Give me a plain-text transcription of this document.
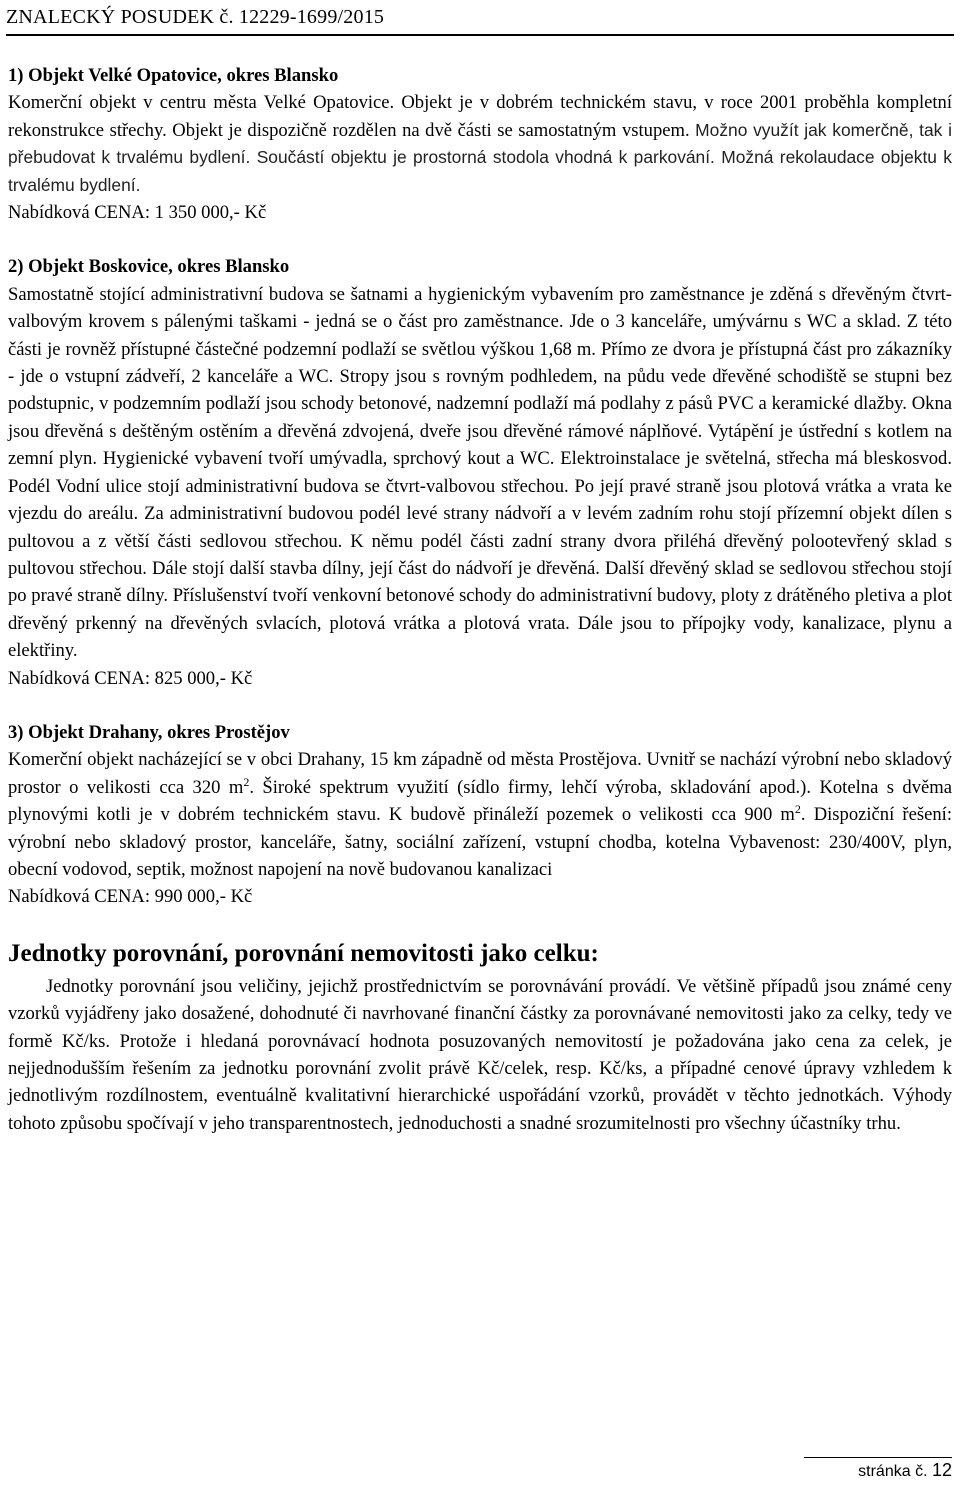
ZNALECKÝ POSUDEK č. 12229-1699/2015

1) Objekt Velké Opatovice, okres Blansko

Komerční objekt v centru města Velké Opatovice. Objekt je v dobrém technickém stavu, v roce 2001 proběhla kompletní rekonstrukce střechy. Objekt je dispozičně rozdělen na dvě části se samostatným vstupem. Možno využít jak komerčně, tak i přebudovat k trvalému bydlení. Součástí objektu je prostorná stodola vhodná k parkování. Možná rekolaudace objektu k trvalému bydlení.

Nabídková CENA: 1 350 000,- Kč

2) Objekt Boskovice, okres Blansko

Samostatně stojící administrativní budova se šatnami a hygienickým vybavením pro zaměstnance je zděná s dřevěným čtvrt-valbovým krovem s pálenými taškami - jedná se o část pro zaměstnance. Jde o 3 kanceláře, umývárnu s WC a sklad. Z této části je rovněž přístupné částečné podzemní podlaží se světlou výškou 1,68 m. Přímo ze dvora je přístupná část pro zákazníky - jde o vstupní zádveří, 2 kanceláře a WC. Stropy jsou s rovným podhledem, na půdu vede dřevěné schodiště se stupni bez podstupnic, v podzemním podlaží jsou schody betonové, nadzemní podlaží má podlahy z pásů PVC a keramické dlažby. Okna jsou dřevěná s deštěným ostěním a dřevěná zdvojená, dveře jsou dřevěné rámové náplňové. Vytápění je ústřední s kotlem na zemní plyn. Hygienické vybavení tvoří umývadla, sprchový kout a WC. Elektroinstalace je světelná, střecha má bleskosvod. Podél Vodní ulice stojí administrativní budova se čtvrt-valbovou střechou. Po její pravé straně jsou plotová vrátka a vrata ke vjezdu do areálu. Za administrativní budovou podél levé strany nádvoří a v levém zadním rohu stojí přízemní objekt dílen s pultovou a z větší části sedlovou střechou. K němu podél části zadní strany dvora přiléhá dřevěný polootevřený sklad s pultovou střechou. Dále stojí další stavba dílny, její část do nádvoří je dřevěná. Další dřevěný sklad se sedlovou střechou stojí po pravé straně dílny. Příslušenství tvoří venkovní betonové schody do administrativní budovy, ploty z drátěného pletiva a plot dřevěný prkenný na dřevěných svlacích, plotová vrátka a plotová vrata. Dále jsou to přípojky vody, kanalizace, plynu a elektřiny.

Nabídková CENA: 825 000,- Kč

3) Objekt Drahany, okres Prostějov

Komerční objekt nacházející se v obci Drahany, 15 km západně od města Prostějova. Uvnitř se nachází výrobní nebo skladový prostor o velikosti cca 320 $m^2$. Široké spektrum využití (sídlo firmy, lehčí výroba, skladování apod.). Kotelna s dvěma plynovými kotli je v dobrém technickém stavu. K budově přináleží pozemek o velikosti cca 900 $m^2$. Dispoziční řešení: výrobní nebo skladový prostor, kanceláře, šatny, sociální zařízení, vstupní chodba, kotelna Vybavenost: 230/400V, plyn, obecní vodovod, septik, možnost napojení na nově budovanou kanalizaci

Nabídková CENA: 990 000,- Kč

Jednotky porovnání, porovnání nemovitosti jako celku:

Jednotky porovnání jsou veličiny, jejichž prostřednictvím se porovnávání provádí. Ve většině případů jsou známé ceny vzorků vyjádřeny jako dosažené, dohodnuté či navrhované finanční částky za porovnávané nemovitosti jako za celky, tedy ve formě Kč/ks. Protože i hledaná porovnávací hodnota posuzovaných nemovitostí je požadována jako cena za celek, je nejjednodušším řešením za jednotku porovnání zvolit právě Kč/celek, resp. Kč/ks, a případné cenové úpravy vzhledem k jednotlivým rozdílnostem, eventuálně kvalitativní hierarchické uspořádání vzorků, provádět v těchto jednotkách. Výhody tohoto způsobu spočívají v jeho transparentnostech, jednoduchosti a snadné srozumitelnosti pro všechny účastníky trhu.

stránka č. 12
